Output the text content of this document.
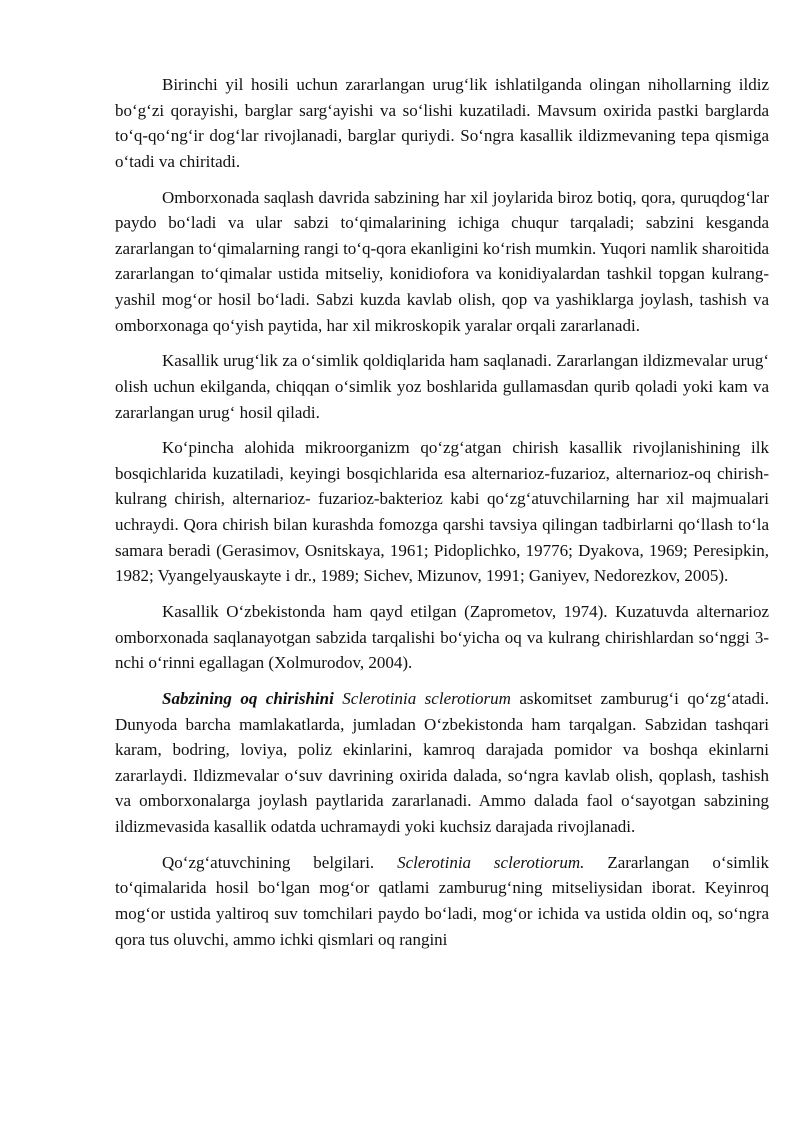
Birinchi yil hosili uchun zararlangan urug‘lik ishlatilganda olingan nihollarning ildiz bo‘g‘zi qorayishi, barglar sarg‘ayishi va so‘lishi kuzatiladi. Mavsum oxirida pastki barglarda to‘q-qo‘ng‘ir dog‘lar rivojlanadi, barglar quriydi. So‘ngra kasallik ildizmevaning tepa qismiga o‘tadi va chiritadi.

Omborxonada saqlash davrida sabzining har xil joylarida biroz botiq, qora, quruqdog‘lar paydo bo‘ladi va ular sabzi to‘qimalarining ichiga chuqur tarqaladi; sabzini kesganda zararlangan to‘qimalarning rangi to‘q-qora ekanligini ko‘rish mumkin. Yuqori namlik sharoitida zararlangan to‘qimalar ustida mitseliy, konidiofora va konidiyalardan tashkil topgan kulrang-yashil mog‘or hosil bo‘ladi. Sabzi kuzda kavlab olish, qop va yashiklarga joylash, tashish va omborxonaga qo‘yish paytida, har xil mikroskopik yaralar orqali zararlanadi.

Kasallik urug‘lik za o‘simlik qoldiqlarida ham saqlanadi. Zararlangan ildizmevalar urug‘ olish uchun ekilganda, chiqqan o‘simlik yoz boshlarida gullamasdan qurib qoladi yoki kam va zararlangan urug‘ hosil qiladi.

Ko‘pincha alohida mikroorganizm qo‘zg‘atgan chirish kasallik rivojlanishining ilk bosqichlarida kuzatiladi, keyingi bosqichlarida esa alternarioz-fuzarioz, alternarioz-oq chirish-kulrang chirish, alternarioz- fuzarioz-bakterioz kabi qo‘zg‘atuvchilarning har xil majmualari uchraydi. Qora chirish bilan kurashda fomozga qarshi tavsiya qilingan tadbirlarni qo‘llash to‘la samara beradi (Gerasimov, Osnitskaya, 1961; Pidoplichko, 19776; Dyakova, 1969; Peresipkin, 1982; Vyangelyauskayte i dr., 1989; Sichev, Mizunov, 1991; Ganiyev, Nedorezkov, 2005).

Kasallik O‘zbekistonda ham qayd etilgan (Zaprometov, 1974). Kuzatuvda alternarioz omborxonada saqlanayotgan sabzida tarqalishi bo‘yicha oq va kulrang chirishlardan so‘nggi 3-nchi o‘rinni egallagan (Xolmurodov, 2004).

Sabzining oq chirishini Sclerotinia sclerotiorum askomitset zamburug‘i qo‘zg‘atadi. Dunyoda barcha mamlakatlarda, jumladan O‘zbekistonda ham tarqalgan. Sabzidan tashqari karam, bodring, loviya, poliz ekinlarini, kamroq darajada pomidor va boshqa ekinlarni zararlaydi. Ildizmevalar o‘suv davrining oxirida dalada, so‘ngra kavlab olish, qoplash, tashish va omborxonalarga joylash paytlarida zararlanadi. Ammo dalada faol o‘sayotgan sabzining ildizmevasida kasallik odatda uchramaydi yoki kuchsiz darajada rivojlanadi.

Qo‘zg‘atuvchining belgilari. Sclerotinia sclerotiorum. Zararlangan o‘simlik to‘qimalarida hosil bo‘lgan mog‘or qatlami zamburug‘ning mitseliysidan iborat. Keyinroq mog‘or ustida yaltiroq suv tomchilari paydo bo‘ladi, mog‘or ichida va ustida oldin oq, so‘ngra qora tus oluvchi, ammo ichki qismlari oq rangini
